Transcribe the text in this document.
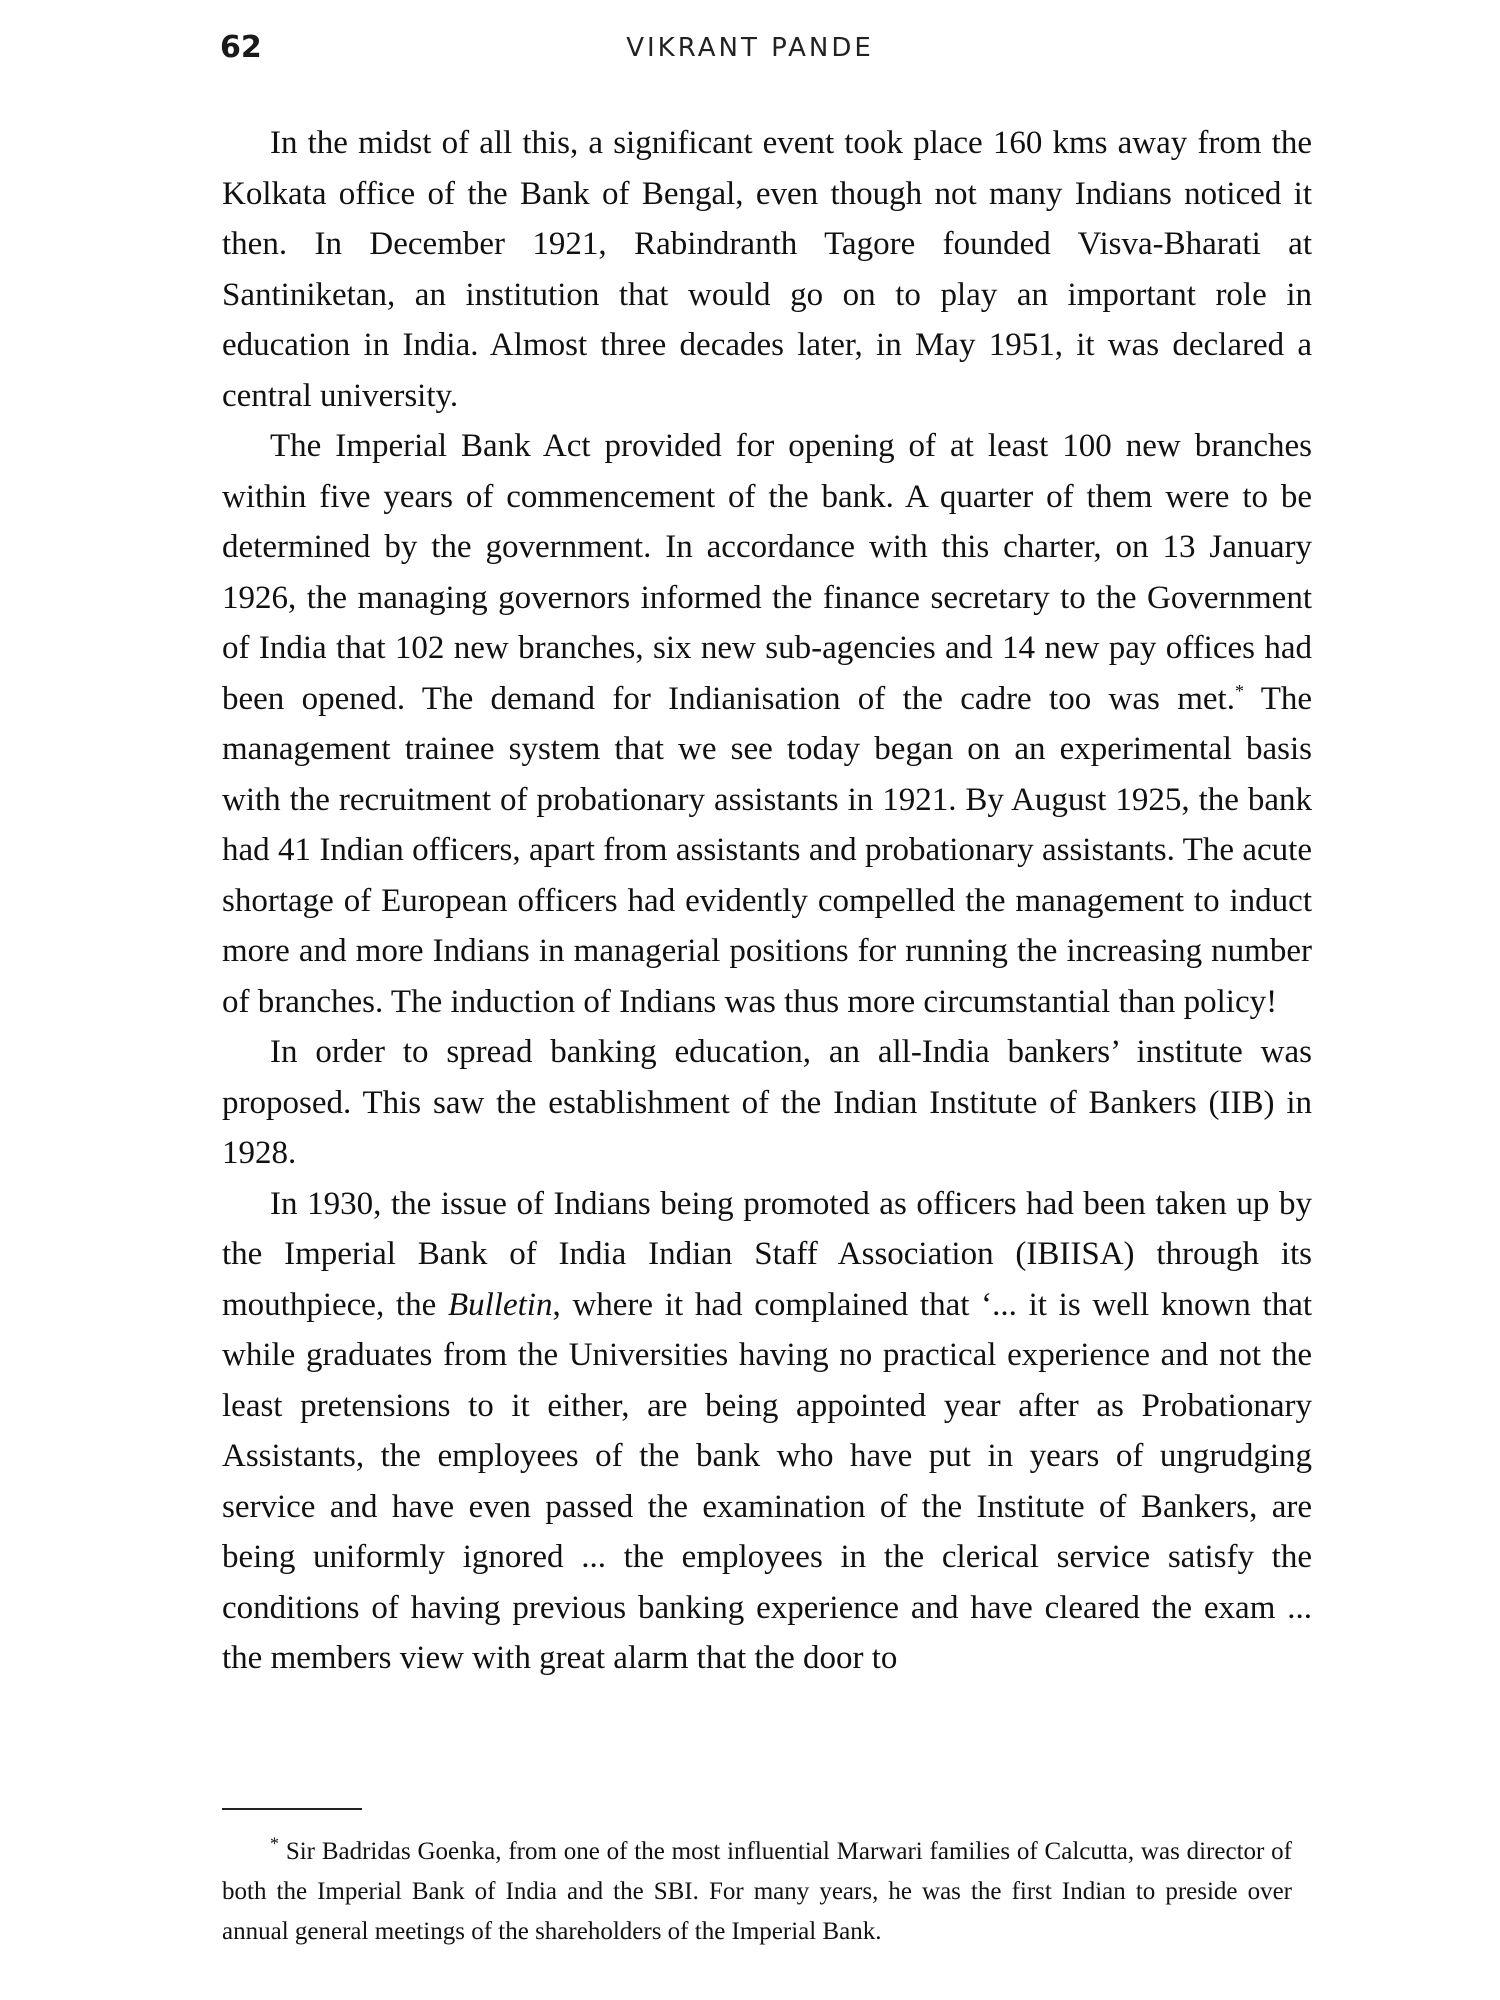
62	VIKRANT PANDE

In the midst of all this, a significant event took place 160 kms away from the Kolkata office of the Bank of Bengal, even though not many Indians noticed it then. In December 1921, Rabindranth Tagore founded Visva-Bharati at Santiniketan, an institution that would go on to play an important role in education in India. Almost three decades later, in May 1951, it was declared a central university.

The Imperial Bank Act provided for opening of at least 100 new branches within five years of commencement of the bank. A quarter of them were to be determined by the government. In accordance with this charter, on 13 January 1926, the managing governors informed the finance secretary to the Government of India that 102 new branches, six new sub-agencies and 14 new pay offices had been opened. The demand for Indianisation of the cadre too was met.* The management trainee system that we see today began on an experimental basis with the recruitment of probationary assistants in 1921. By August 1925, the bank had 41 Indian officers, apart from assistants and probationary assistants. The acute shortage of European officers had evidently compelled the management to induct more and more Indians in managerial positions for running the increasing number of branches. The induction of Indians was thus more circumstantial than policy!

In order to spread banking education, an all-India bankers’ institute was proposed. This saw the establishment of the Indian Institute of Bankers (IIB) in 1928.

In 1930, the issue of Indians being promoted as officers had been taken up by the Imperial Bank of India Indian Staff Association (IBIISA) through its mouthpiece, the Bulletin, where it had complained that ‘... it is well known that while graduates from the Universities having no practical experience and not the least pretensions to it either, are being appointed year after as Probationary Assistants, the employees of the bank who have put in years of ungrudging service and have even passed the examination of the Institute of Bankers, are being uniformly ignored ... the employees in the clerical service satisfy the conditions of having previous banking experience and have cleared the exam ... the members view with great alarm that the door to

* Sir Badridas Goenka, from one of the most influential Marwari families of Calcutta, was director of both the Imperial Bank of India and the SBI. For many years, he was the first Indian to preside over annual general meetings of the shareholders of the Imperial Bank.
